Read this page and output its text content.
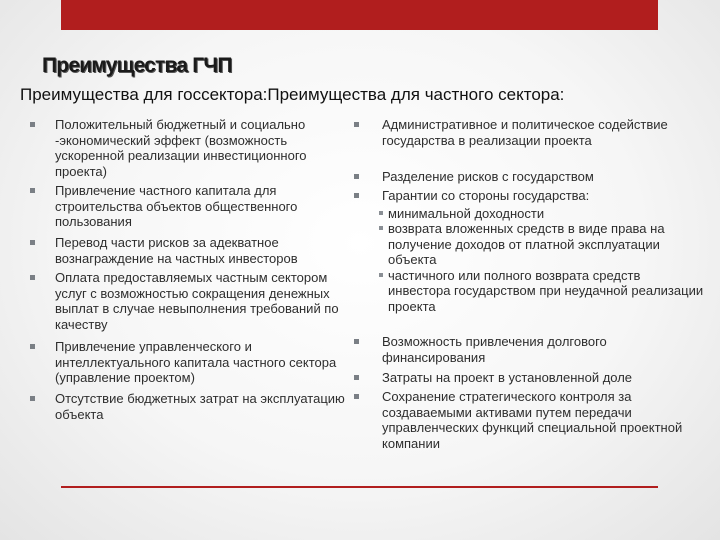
Преимущества ГЧП

Преимущества для госсектора:Преимущества для частного сектора:

Положительный бюджетный и социально -экономический эффект (возможность ускоренной реализации инвестиционного проекта)
Привлечение частного капитала для строительства объектов общественного пользования
Перевод части рисков за адекватное вознаграждение на частных инвесторов
Оплата предоставляемых частным сектором услуг с возможностью сокращения денежных выплат в случае невыполнения требований по качеству
Привлечение управленческого и интеллектуального капитала частного сектора (управление проектом)
Отсутствие бюджетных затрат на эксплуатацию объекта
Административное и политическое содействие государства в реализации проекта
Разделение рисков с государством
Гарантии со стороны государства:
минимальной доходности
возврата вложенных средств в виде права на получение доходов от платной эксплуатации объекта
частичного или полного возврата средств инвестора государством при неудачной реализации проекта
Возможность привлечения долгового финансирования
Затраты на проект в установленной доле
Сохранение стратегического контроля за создаваемыми активами путем передачи управленческих функций специальной проектной компании
